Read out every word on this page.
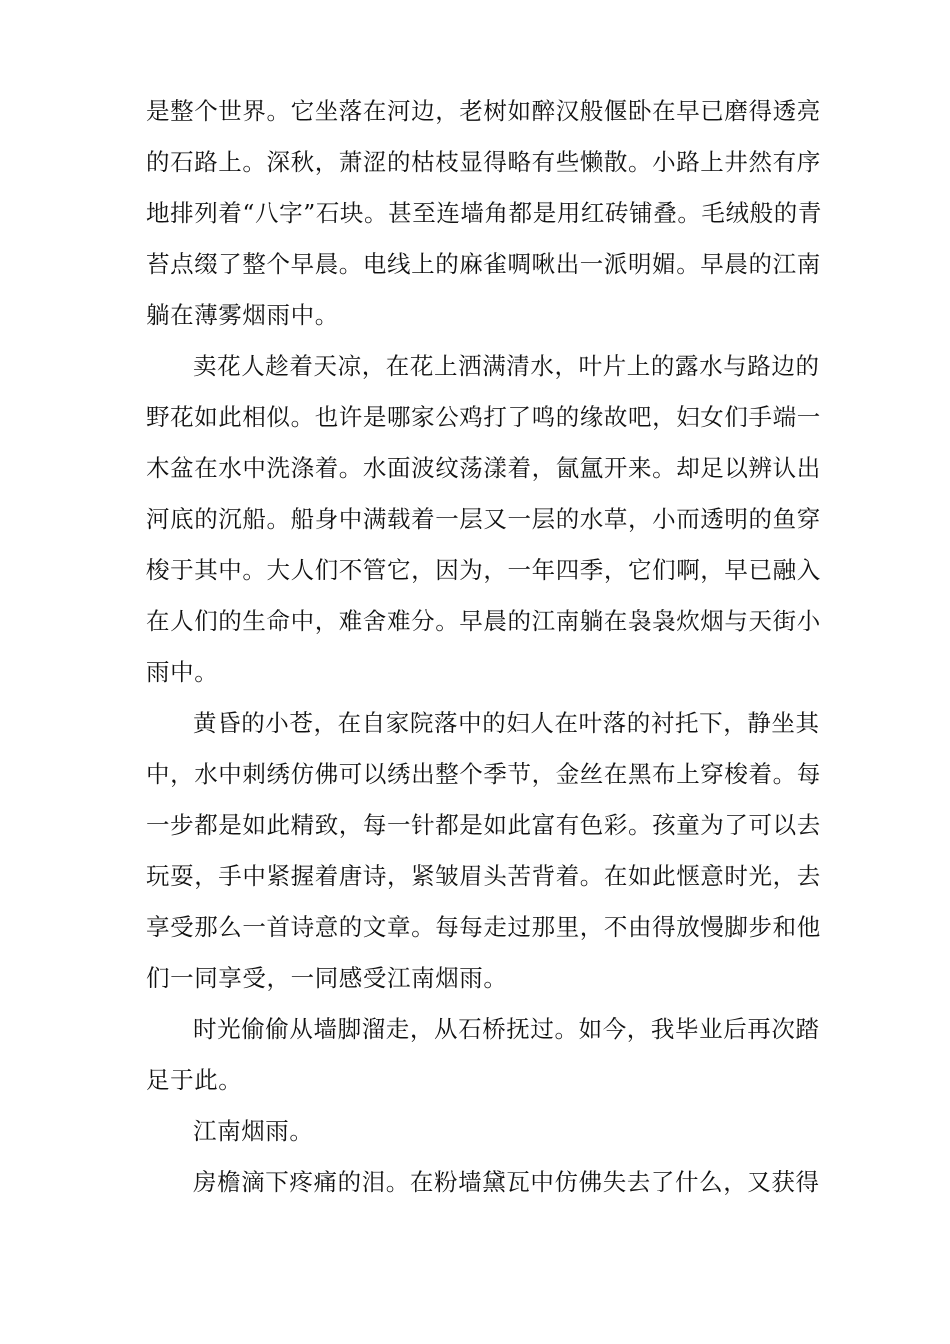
是整个世界。它坐落在河边，老树如醉汉般偃卧在早已磨得透亮
的石路上。深秋，萧涩的枯枝显得略有些懒散。小路上井然有序
地排列着“八字”石块。甚至连墙角都是用红砖铺叠。毛绒般的青
苔点缀了整个早晨。电线上的麻雀啁啾出一派明媚。早晨的江南
躺在薄雾烟雨中。
卖花人趁着天凉，在花上洒满清水，叶片上的露水与路边的
野花如此相似。也许是哪家公鸡打了鸣的缘故吧，妇女们手端一
木盆在水中洗涤着。水面波纹荡漾着，氤氲开来。却足以辨认出
河底的沉船。船身中满载着一层又一层的水草，小而透明的鱼穿
梭于其中。大人们不管它，因为，一年四季，它们啊，早已融入
在人们的生命中，难舍难分。早晨的江南躺在袅袅炊烟与天街小
雨中。
黄昏的小苍，在自家院落中的妇人在叶落的衬托下，静坐其
中，水中刺绣仿佛可以绣出整个季节，金丝在黑布上穿梭着。每
一步都是如此精致，每一针都是如此富有色彩。孩童为了可以去
玩耍，手中紧握着唐诗，紧皱眉头苦背着。在如此惬意时光，去
享受那么一首诗意的文章。每每走过那里，不由得放慢脚步和他
们一同享受，一同感受江南烟雨。
时光偷偷从墙脚溜走，从石桥抚过。如今，我毕业后再次踏
足于此。
江南烟雨。
房檐滴下疼痛的泪。在粉墙黛瓦中仿佛失去了什么，又获得
